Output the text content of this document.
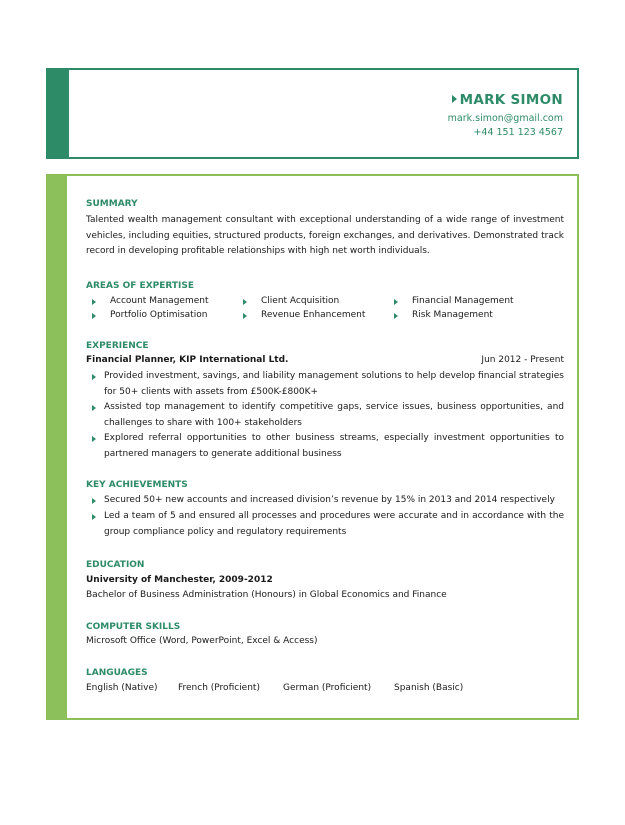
MARK SIMON
mark.simon@gmail.com
+44 151 123 4567
SUMMARY
Talented wealth management consultant with exceptional understanding of a wide range of investment vehicles, including equities, structured products, foreign exchanges, and derivatives. Demonstrated track record in developing profitable relationships with high net worth individuals.
AREAS OF EXPERTISE
Account Management	Client Acquisition	Financial Management
Portfolio Optimisation	Revenue Enhancement	Risk Management
EXPERIENCE
Financial Planner, KIP International Ltd.	Jun 2012 - Present
Provided investment, savings, and liability management solutions to help develop financial strategies for 50+ clients with assets from £500K-£800K+
Assisted top management to identify competitive gaps, service issues, business opportunities, and challenges to share with 100+ stakeholders
Explored referral opportunities to other business streams, especially investment opportunities to partnered managers to generate additional business
KEY ACHIEVEMENTS
Secured 50+ new accounts and increased division’s revenue by 15% in 2013 and 2014 respectively
Led a team of 5 and ensured all processes and procedures were accurate and in accordance with the group compliance policy and regulatory requirements
EDUCATION
University of Manchester, 2009-2012
Bachelor of Business Administration (Honours) in Global Economics and Finance
COMPUTER SKILLS
Microsoft Office (Word, PowerPoint, Excel & Access)
LANGUAGES
English (Native) French (Proficient)	German (Proficient)	Spanish (Basic)
